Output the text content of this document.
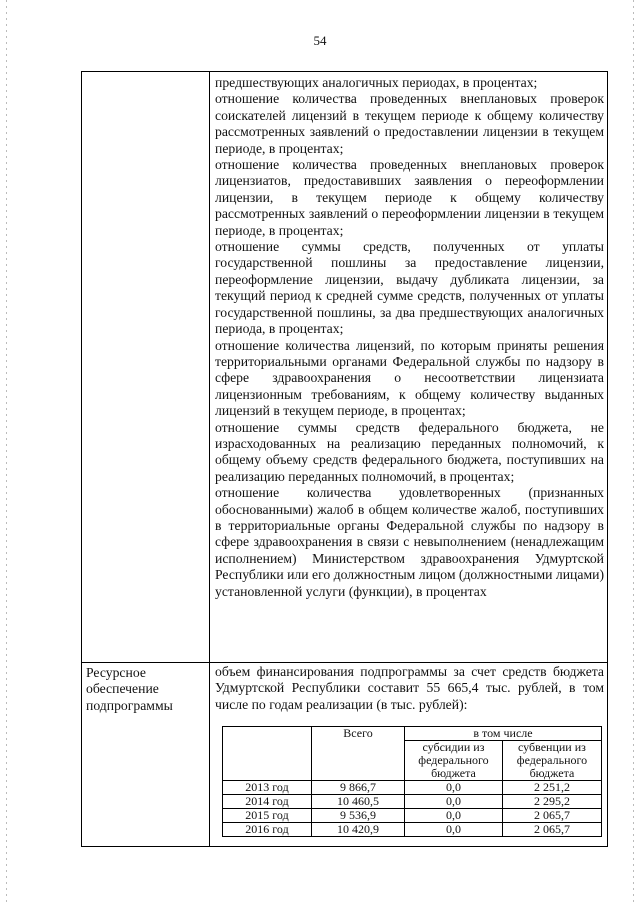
54

предшествующих аналогичных периодах, в процентах;

отношение количества проведенных внеплановых проверок соискателей лицензий в текущем периоде к общему количеству рассмотренных заявлений о предоставлении лицензии в текущем периоде, в процентах;

отношение количества проведенных внеплановых проверок лицензиатов, предоставивших заявления о переоформлении лицензии, в текущем периоде к общему количеству рассмотренных заявлений о переоформлении лицензии в текущем периоде, в процентах;

отношение суммы средств, полученных от уплаты государственной пошлины за предоставление лицензии, переоформление лицензии, выдачу дубликата лицензии, за текущий период к средней сумме средств, полученных от уплаты государственной пошлины, за два предшествующих аналогичных периода, в процентах;

отношение количества лицензий, по которым приняты решения территориальными органами Федеральной службы по надзору в сфере здравоохранения о несоответствии лицензиата лицензионным требованиям, к общему количеству выданных лицензий в текущем периоде, в процентах;

отношение суммы средств федерального бюджета, не израсходованных на реализацию переданных полномочий, к общему объему средств федерального бюджета, поступивших на реализацию переданных полномочий, в процентах;

отношение количества удовлетворенных (признанных обоснованными) жалоб в общем количестве жалоб, поступивших в территориальные органы Федеральной службы по надзору в сфере здравоохранения в связи с невыполнением (ненадлежащим исполнением) Министерством здравоохранения Удмуртской Республики или его должностным лицом (должностными лицами) установленной услуги (функции), в процентах

Ресурсное обеспечение подпрограммы
объем финансирования подпрограммы за счет средств бюджета Удмуртской Республики составит 55 665,4 тыс. рублей, в том числе по годам реализации (в тыс. рублей):
	Всего	в том числе	
		субсидии из федерального бюджета	субвенции из федерального бюджета
2013 год	9 866,7	0,0	2 251,2
2014 год	10 460,5	0,0	2 295,2
2015 год	9 536,9	0,0	2 065,7
2016 год	10 420,9	0,0	2 065,7
